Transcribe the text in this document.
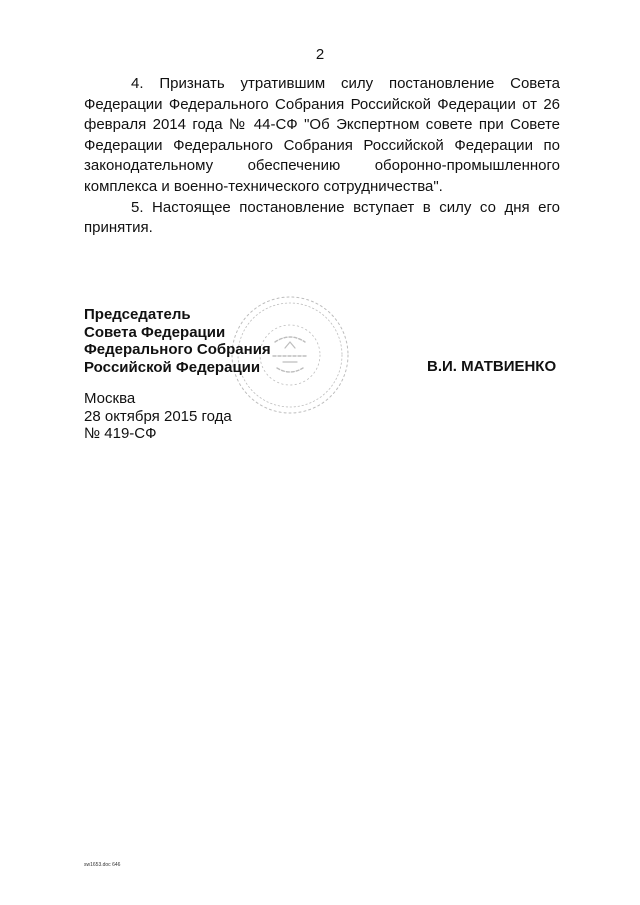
2

4. Признать утратившим силу постановление Совета Федерации Федерального Собрания Российской Федерации от 26 февраля 2014 года № 44-СФ "Об Экспертном совете при Совете Федерации Федерального Собрания Российской Федерации по законодательному обеспечению оборонно-промышленного комплекса и военно-технического сотрудничества".

5. Настоящее постановление вступает в силу со дня его принятия.

Председатель
Совета Федерации
Федерального Собрания
Российской Федерации	В.И. МАТВИЕНКО
Москва
28 октября 2015 года
№ 419-СФ
sw1653.doc 646
